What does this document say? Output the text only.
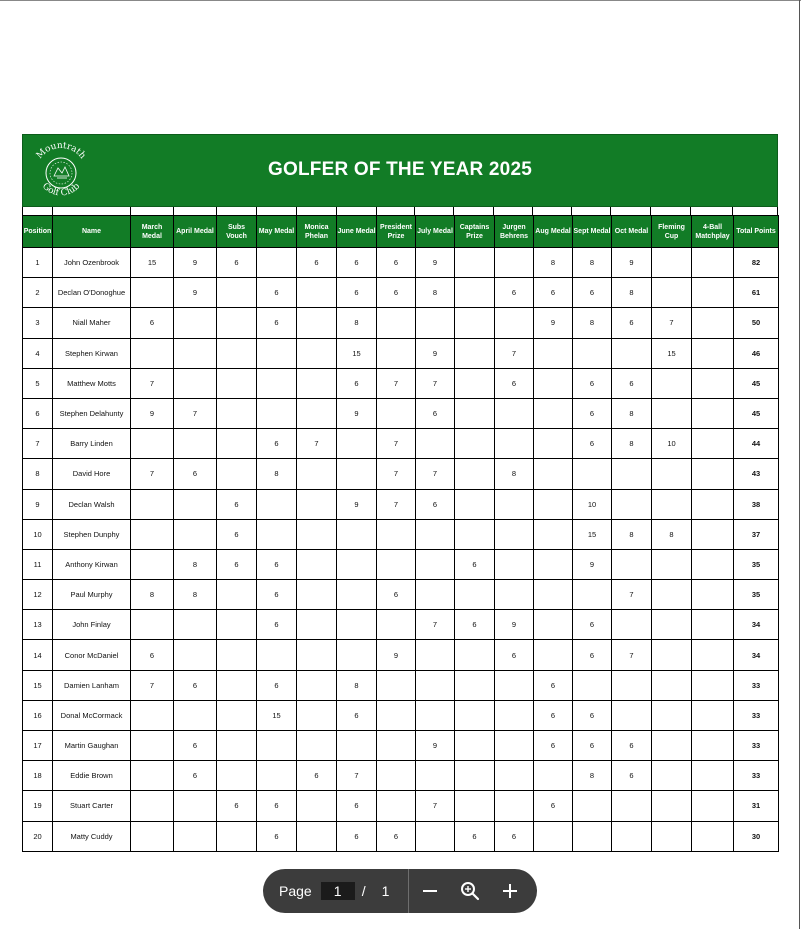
Mountrath
Golf Club
GOLFER OF THE YEAR 2025
Position	Name	March Medal	April Medal	Subs Vouch	May Medal	Monica Phelan	June Medal	President Prize	July Medal	Captains Prize	Jurgen Behrens	Aug Medal	Sept Medal	Oct Medal	Fleming Cup	4-Ball Matchplay	Total Points
1	John Ozenbrook	15	9	6		6	6	6	9			8	8	9			82
2	Declan O'Donoghue		9		6		6	6	8		6	6	6	8			61
3	Niall Maher	6			6		8					9	8	6	7		50
4	Stephen Kirwan						15		9		7				15		46
5	Matthew Motts	7					6	7	7		6		6	6			45
6	Stephen Delahunty	9	7				9		6				6	8			45
7	Barry Linden				6	7		7					6	8	10		44
8	David Hore	7	6		8			7	7		8						43
9	Declan Walsh			6			9	7	6				10				38
10	Stephen Dunphy			6									15	8	8		37
11	Anthony Kirwan		8	6	6					6			9				35
12	Paul Murphy	8	8		6			6						7			35
13	John Finlay				6				7	6	9		6				34
14	Conor McDaniel	6						9			6		6	7			34
15	Damien Lanham	7	6		6		8					6					33
16	Donal McCormack				15		6					6	6				33
17	Martin Gaughan		6						9			6	6	6			33
18	Eddie Brown		6			6	7						8	6			33
19	Stuart Carter			6	6		6		7			6					31
20	Matty Cuddy				6		6	6		6	6						30
Page
1	/ 1
